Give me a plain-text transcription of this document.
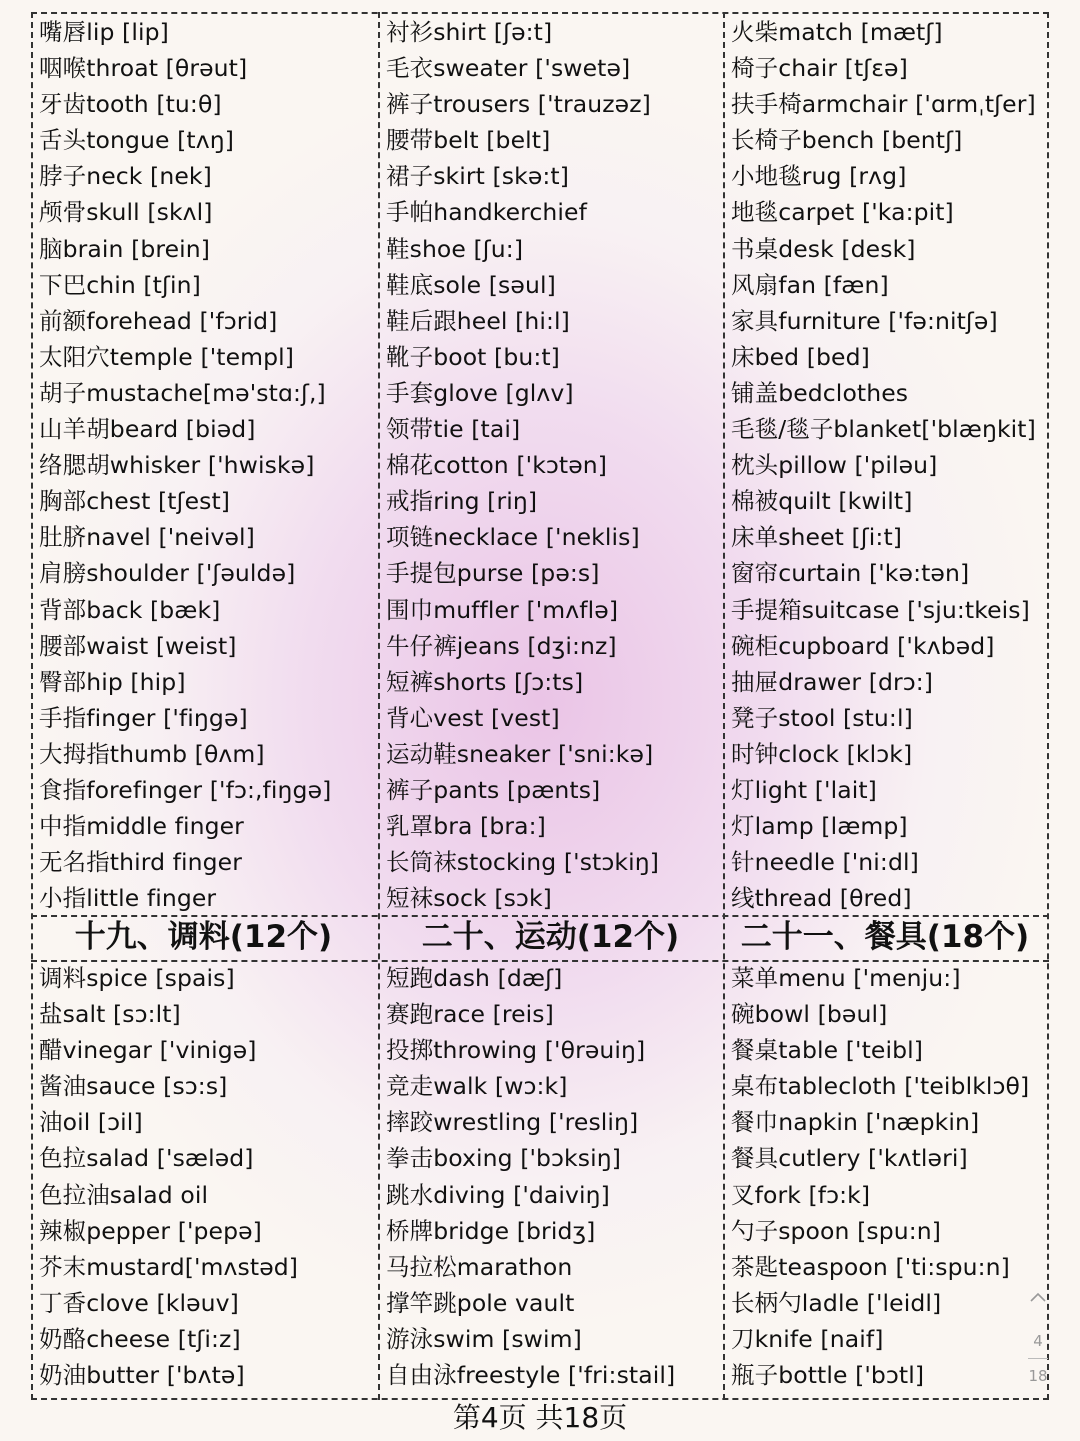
嘴唇lip [lip]
咽喉throat [θrəut]
牙齿tooth [tu:θ]
舌头tongue [tʌŋ]
脖子neck [nek]
颅骨skull [skʌl]
脑brain [brein]
下巴chin [tʃin]
前额forehead ['fɔrid]
太阳穴temple ['templ]
胡子mustache[mə'stɑ:ʃ,]
山羊胡beard [biəd]
络腮胡whisker ['hwiskə]
胸部chest [tʃest]
肚脐navel ['neivəl]
肩膀shoulder ['ʃəuldə]
背部back [bæk]
腰部waist [weist]
臀部hip [hip]
手指finger ['fiŋgə]
大拇指thumb [θʌm]
食指forefinger ['fɔ:,fiŋgə]
中指middle finger
无名指third finger
小指little finger
十九、调料(12个)
调料spice [spais]
盐salt [sɔ:lt]
醋vinegar ['vinigə]
酱油sauce [sɔ:s]
油oil [ɔil]
色拉salad ['sæləd]
色拉油salad oil
辣椒pepper ['pepə]
芥末mustard['mʌstəd]
丁香clove [kləuv]
奶酪cheese [tʃi:z]
奶油butter ['bʌtə]
衬衫shirt [ʃə:t]
毛衣sweater ['swetə]
裤子trousers ['trauzəz]
腰带belt [belt]
裙子skirt [skə:t]
手帕handkerchief
鞋shoe [ʃu:]
鞋底sole [səul]
鞋后跟heel [hi:l]
靴子boot [bu:t]
手套glove [glʌv]
领带tie [tai]
棉花cotton ['kɔtən]
戒指ring [riŋ]
项链necklace ['neklis]
手提包purse [pə:s]
围巾muffler ['mʌflə]
牛仔裤jeans [dʒi:nz]
短裤shorts [ʃɔ:ts]
背心vest [vest]
运动鞋sneaker ['sni:kə]
裤子pants [pænts]
乳罩bra [bra:]
长筒袜stocking ['stɔkiŋ]
短袜sock [sɔk]
二十、运动(12个)
短跑dash [dæʃ]
赛跑race [reis]
投掷throwing ['θrəuiŋ]
竞走walk [wɔ:k]
摔跤wrestling ['resliŋ]
拳击boxing ['bɔksiŋ]
跳水diving ['daiviŋ]
桥牌bridge [bridʒ]
马拉松marathon
撑竿跳pole vault
游泳swim [swim]
自由泳freestyle ['fri:stail]
火柴match [mætʃ]
椅子chair [tʃɛə]
扶手椅armchair ['ɑrmˌtʃer]
长椅子bench [bentʃ]
小地毯rug [rʌg]
地毯carpet ['ka:pit]
书桌desk [desk]
风扇fan [fæn]
家具furniture ['fə:nitʃə]
床bed [bed]
铺盖bedclothes
毛毯/毯子blanket['blæŋkit]
枕头pillow ['piləu]
棉被quilt [kwilt]
床单sheet [ʃi:t]
窗帘curtain ['kə:tən]
手提箱suitcase ['sju:tkeis]
碗柜cupboard ['kʌbəd]
抽屉drawer [drɔ:]
凳子stool [stu:l]
时钟clock [klɔk]
灯light ['lait]
灯lamp [læmp]
针needle ['ni:dl]
线thread [θred]
二十一、餐具(18个)
菜单menu ['menju:]
碗bowl [bəul]
餐桌table ['teibl]
桌布tablecloth ['teiblklɔθ]
餐巾napkin ['næpkin]
餐具cutlery ['kʌtləri]
叉fork [fɔ:k]
勺子spoon [spu:n]
茶匙teaspoon ['ti:spu:n]
长柄勺ladle ['leidl]
刀knife [naif]
瓶子bottle ['bɔtl]
第4页 共18页
4
18
